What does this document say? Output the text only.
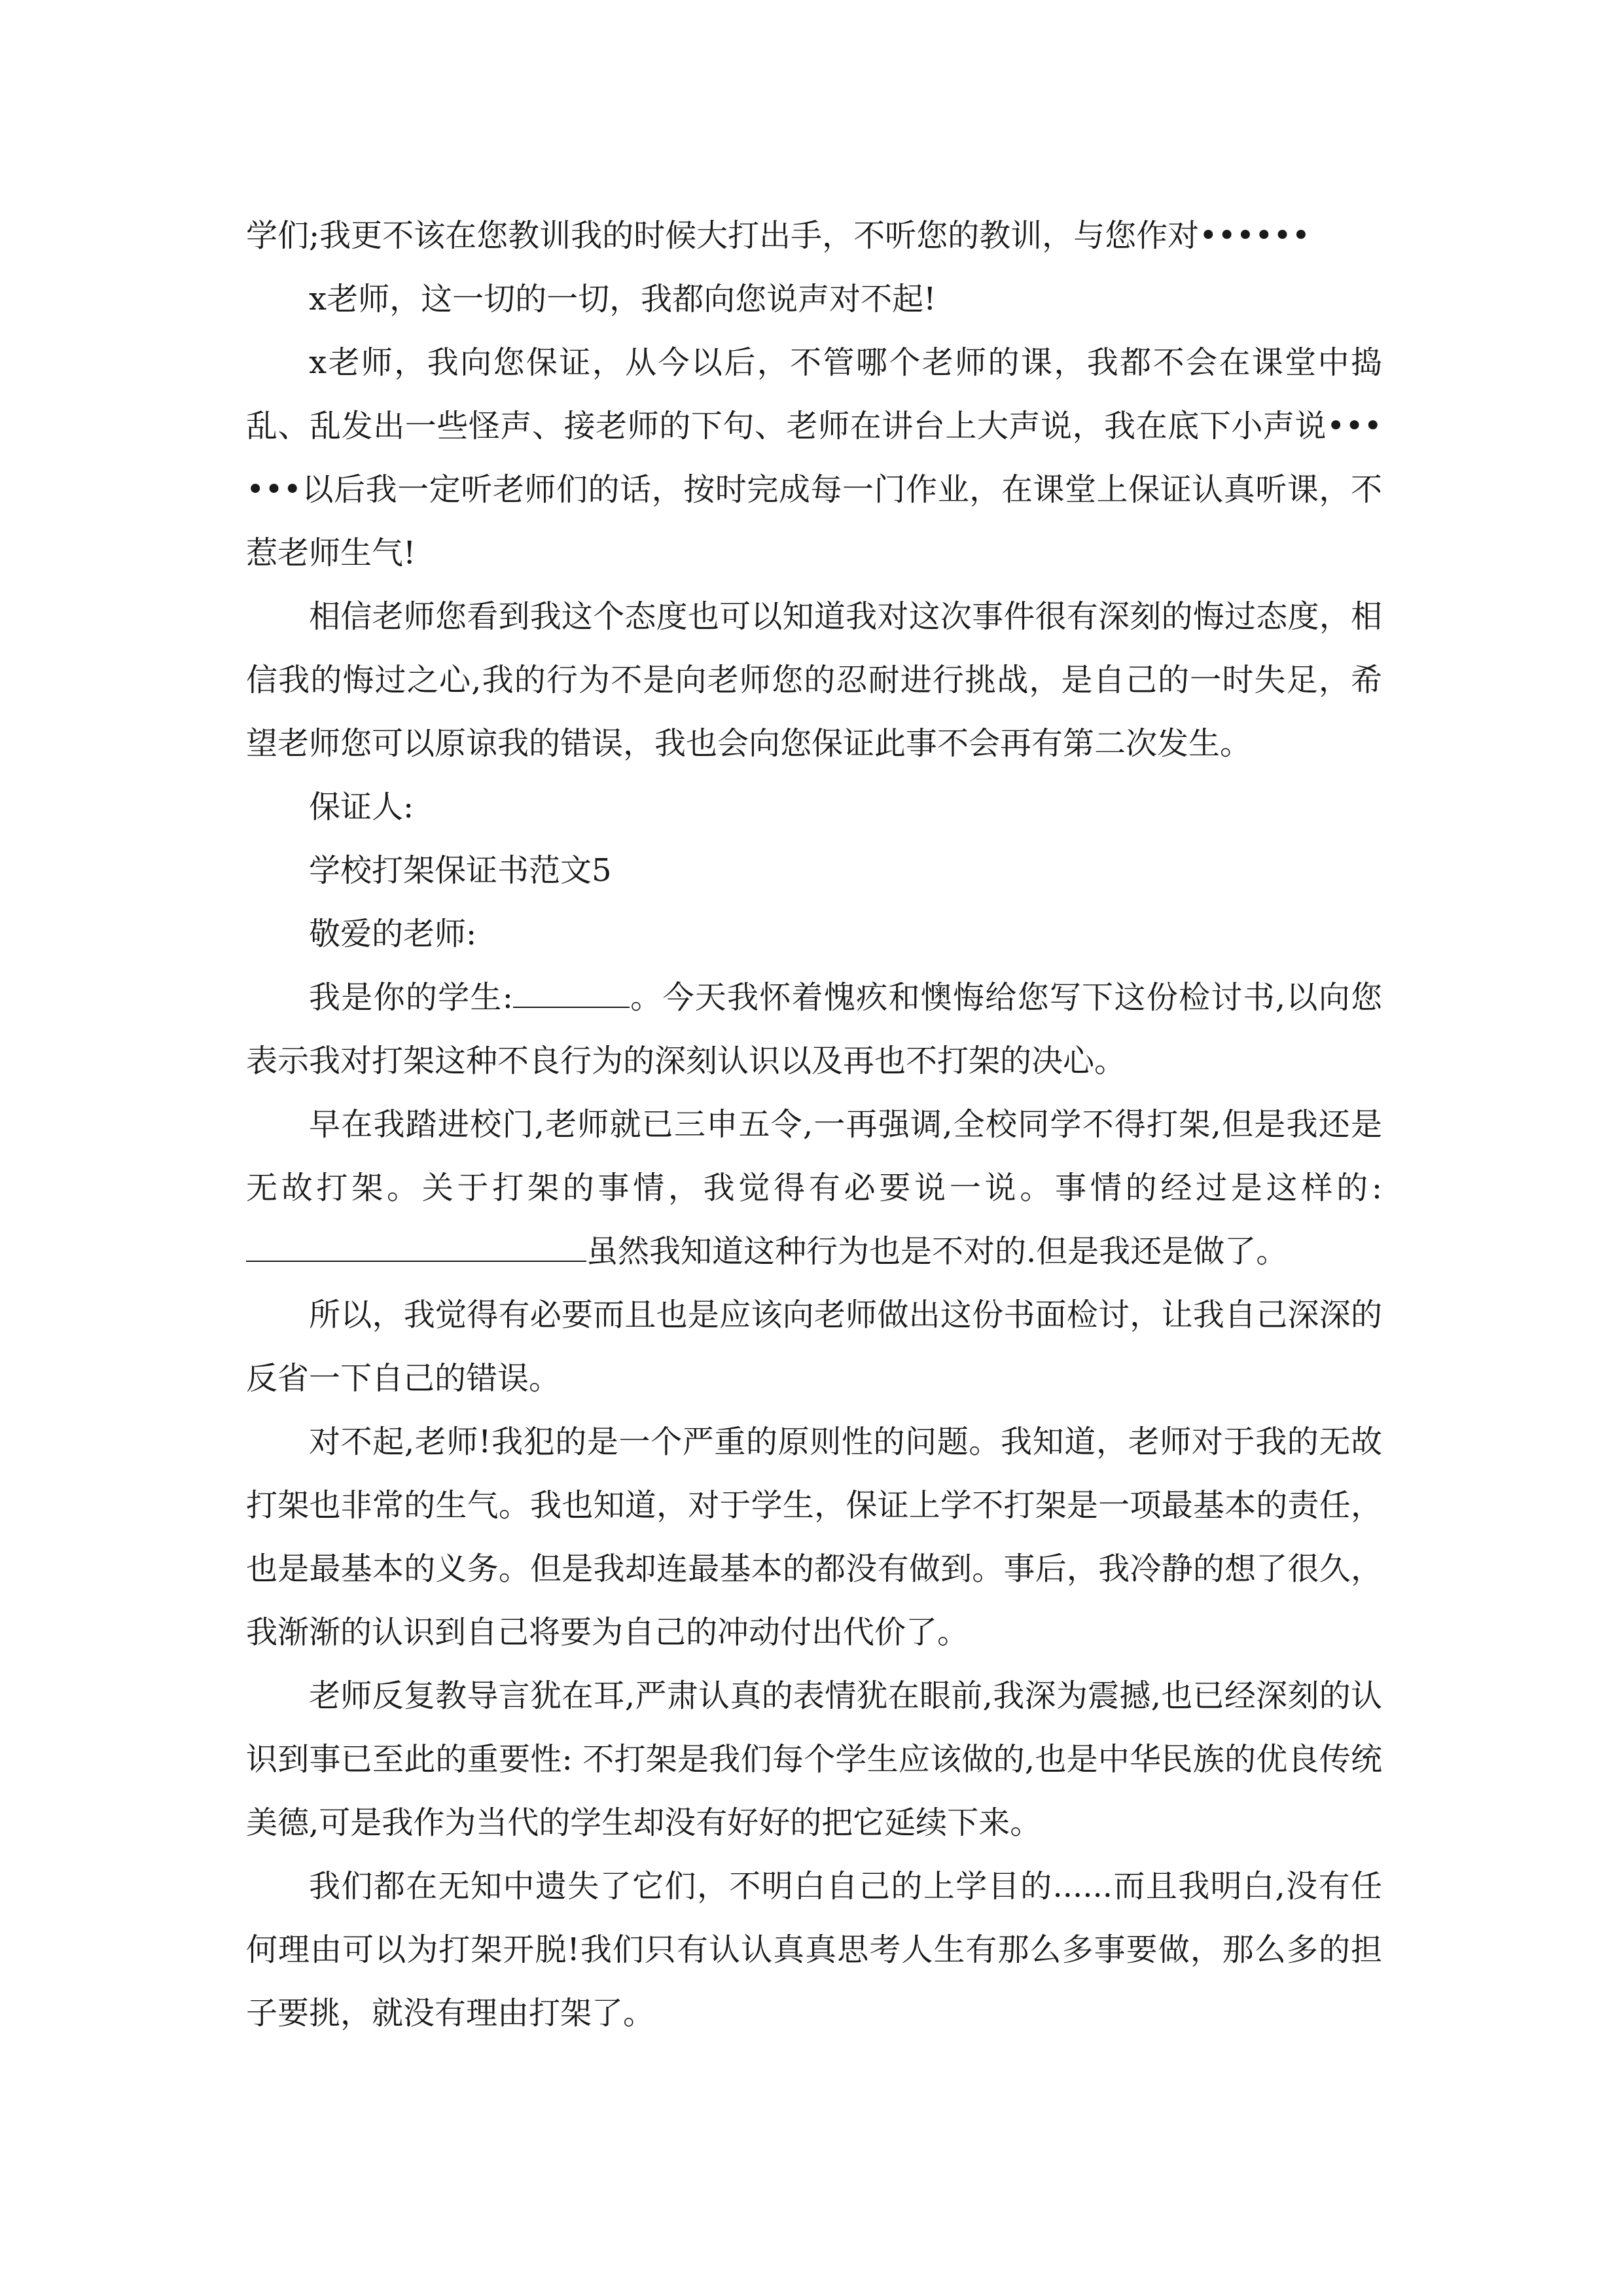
学们;我更不该在您教训我的时候大打出手，不听您的教训，与您作对••••••

x老师，这一切的一切，我都向您说声对不起!

x老师，我向您保证，从今以后，不管哪个老师的课，我都不会在课堂中捣乱、乱发出一些怪声、接老师的下句、老师在讲台上大声说，我在底下小声说••••••以后我一定听老师们的话，按时完成每一门作业，在课堂上保证认真听课，不惹老师生气!

相信老师您看到我这个态度也可以知道我对这次事件很有深刻的悔过态度，相信我的悔过之心,我的行为不是向老师您的忍耐进行挑战，是自己的一时失足，希望老师您可以原谅我的错误，我也会向您保证此事不会再有第二次发生。

保证人:

学校打架保证书范文5

敬爱的老师:

我是你的学生:	。今天我怀着愧疚和懊悔给您写下这份检讨书,以向您表示我对打架这种不良行为的深刻认识以及再也不打架的决心。

早在我踏进校门,老师就已三申五令,一再强调,全校同学不得打架,但是我还是无故打架。关于打架的事情，我觉得有必要说一说。事情的经过是这样的:虽然我知道这种行为也是不对的.但是我还是做了。

所以，我觉得有必要而且也是应该向老师做出这份书面检讨，让我自己深深的反省一下自己的错误。

对不起,老师!我犯的是一个严重的原则性的问题。我知道，老师对于我的无故打架也非常的生气。我也知道，对于学生，保证上学不打架是一项最基本的责任，也是最基本的义务。但是我却连最基本的都没有做到。事后，我冷静的想了很久，我渐渐的认识到自己将要为自己的冲动付出代价了。

老师反复教导言犹在耳,严肃认真的表情犹在眼前,我深为震撼,也已经深刻的认识到事已至此的重要性: 不打架是我们每个学生应该做的,也是中华民族的优良传统美德,可是我作为当代的学生却没有好好的把它延续下来。

我们都在无知中遗失了它们，不明白自己的上学目的......而且我明白,没有任何理由可以为打架开脱!我们只有认认真真思考人生有那么多事要做，那么多的担子要挑，就没有理由打架了。
